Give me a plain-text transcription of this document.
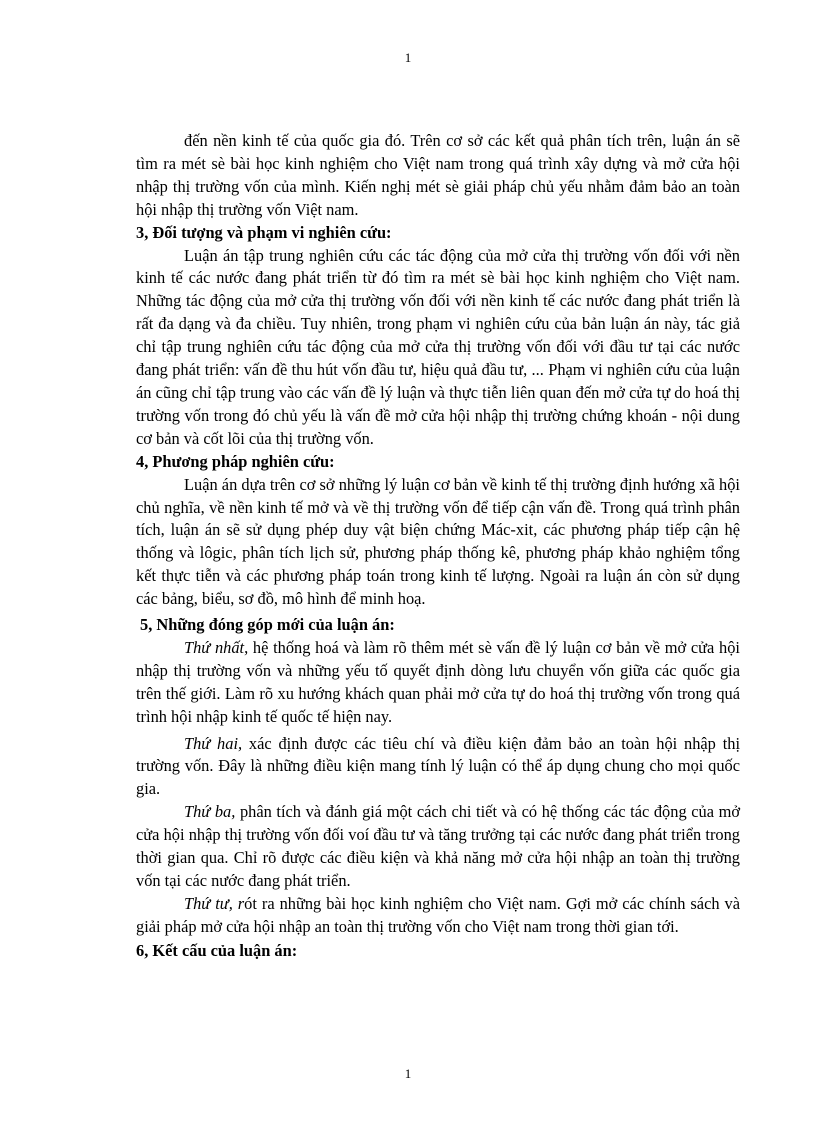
1

đến nền kinh tế của quốc gia đó. Trên cơ sở các kết quả phân tích trên, luận án sẽ tìm ra mét sè bài học kinh nghiệm cho Việt nam trong quá trình xây dựng và mở cửa hội nhập thị trường vốn của mình. Kiến nghị mét sè giải pháp chủ yếu nhằm đảm bảo an toàn hội nhập thị trường vốn Việt nam.

3, Đối tượng và phạm vi nghiên cứu:

Luận án tập trung nghiên cứu các tác động của mở cửa thị trường vốn đối với nền kinh tế các nước đang phát triển từ đó tìm ra mét sè bài học kinh nghiệm cho Việt nam. Những tác động của mở cửa thị trường vốn đối với nền kinh tế các nước đang phát triển là rất đa dạng và đa chiều. Tuy nhiên, trong phạm vi nghiên cứu của bản luận án này, tác giả chỉ tập trung nghiên cứu tác động của mở cửa thị trường vốn đối với đầu tư tại các nước đang phát triển: vấn đề thu hút vốn đầu tư, hiệu quả đầu tư, ... Phạm vi nghiên cứu của luận án cũng chỉ tập trung vào các vấn đề lý luận và thực tiễn liên quan đến mở cửa tự do hoá thị trường vốn trong đó chủ yếu là vấn đề mở cửa hội nhập thị trường chứng khoán - nội dung cơ bản và cốt lõi của thị trường vốn.

4, Phương pháp nghiên cứu:

Luận án dựa trên cơ sở những lý luận cơ bản về kinh tế thị trường định hướng xã hội chủ nghĩa, về nền kinh tế mở và về thị trường vốn để tiếp cận vấn đề. Trong quá trình phân tích, luận án sẽ sử dụng phép duy vật biện chứng Mác-xit, các phương pháp tiếp cận hệ thống và lôgic, phân tích lịch sử, phương pháp thống kê, phương pháp khảo nghiệm tổng kết thực tiễn và các phương pháp toán trong kinh tế lượng. Ngoài ra luận án còn sử dụng các bảng, biểu, sơ đồ, mô hình để minh hoạ.

5, Những đóng góp mới của luận án:

Thứ nhất, hệ thống hoá và làm rõ thêm mét sè vấn đề lý luận cơ bản về mở cửa hội nhập thị trường vốn và những yếu tố quyết định dòng lưu chuyển vốn giữa các quốc gia trên thế giới. Làm rõ xu hướng khách quan phải mở cửa tự do hoá thị trường vốn trong quá trình hội nhập kinh tế quốc tế hiện nay.

Thứ hai, xác định được các tiêu chí và điều kiện đảm bảo an toàn hội nhập thị trường vốn. Đây là những điều kiện mang tính lý luận có thể áp dụng chung cho mọi quốc gia.

Thứ ba, phân tích và đánh giá một cách chi tiết và có hệ thống các tác động của mở cửa hội nhập thị trường vốn đối voí đầu tư và tăng trưởng tại các nước đang phát triển trong thời gian qua. Chỉ rõ được các điều kiện và khả năng mở cửa hội nhập an toàn thị trường vốn tại các nước đang phát triển.

Thứ tư, rót ra những bài học kinh nghiệm cho Việt nam. Gợi mở các chính sách và giải pháp mở cửa hội nhập an toàn thị trường vốn cho Việt nam trong thời gian tới.

6, Kết cấu của luận án:

1
